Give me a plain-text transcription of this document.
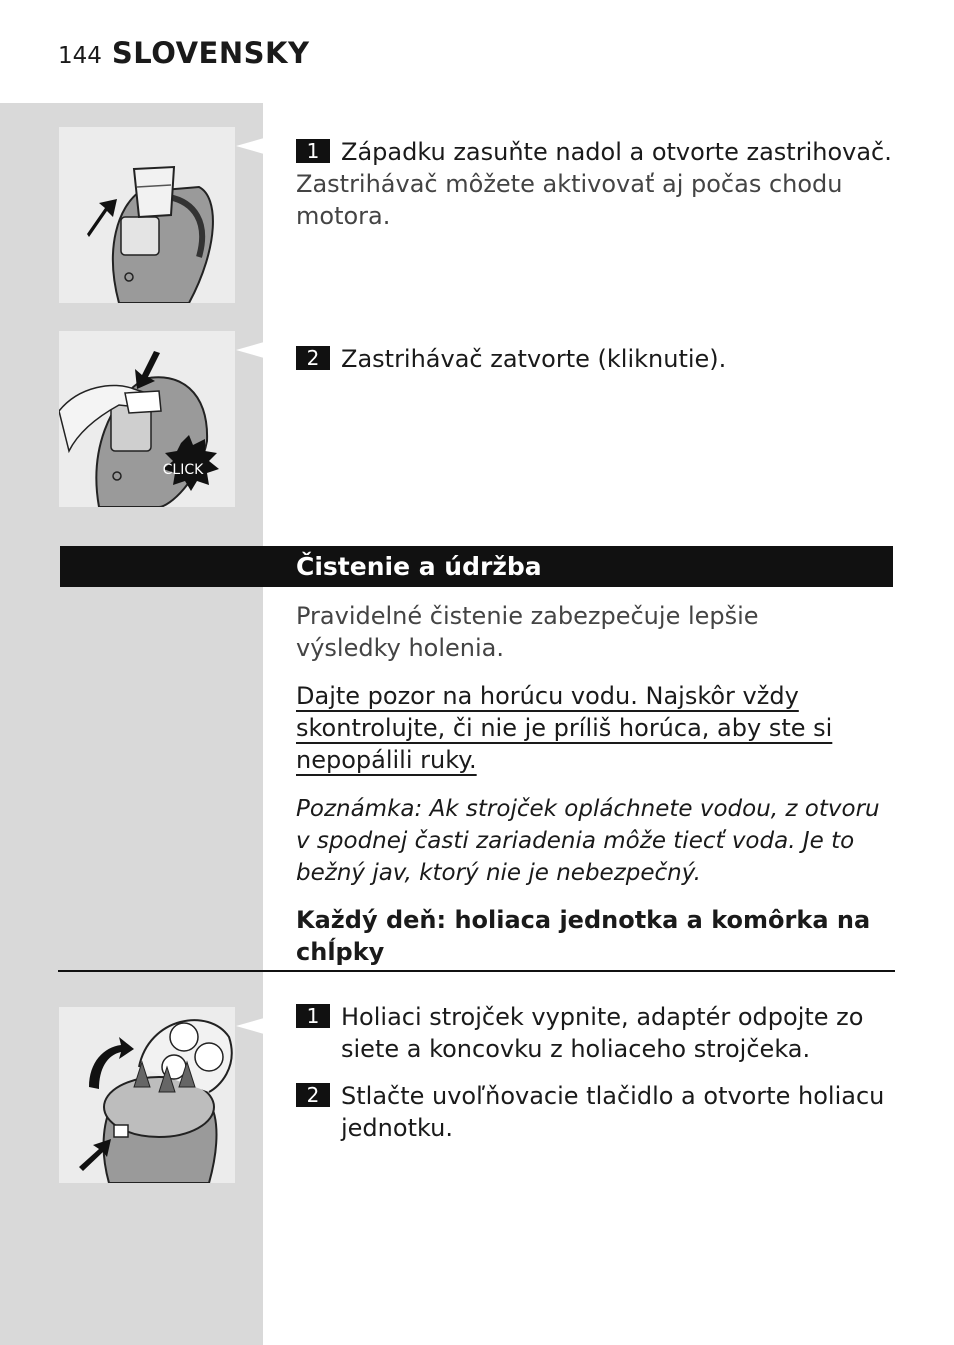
144 SLOVENSKY
1 Západku zasuňte nadol a otvorte zastrihovač.
Zastrihávač môžete aktivovať aj počas chodu motora.
CLICK
2 Zastrihávač zatvorte (kliknutie).
Čistenie a údržba
Pravidelné čistenie zabezpečuje lepšie výsledky holenia.
Dajte pozor na horúcu vodu. Najskôr vždy skontrolujte, či nie je príliš horúca, aby ste si nepopálili ruky.
Poznámka: Ak strojček opláchnete vodou, z otvoru v spodnej časti zariadenia môže tiecť voda. Je to bežný jav, ktorý nie je nebezpečný.
Každý deň: holiaca jednotka a komôrka na chĺpky
1 Holiaci strojček vypnite, adaptér odpojte zo siete a koncovku z holiaceho strojčeka.
2 Stlačte uvoľňovacie tlačidlo a otvorte holiacu jednotku.
